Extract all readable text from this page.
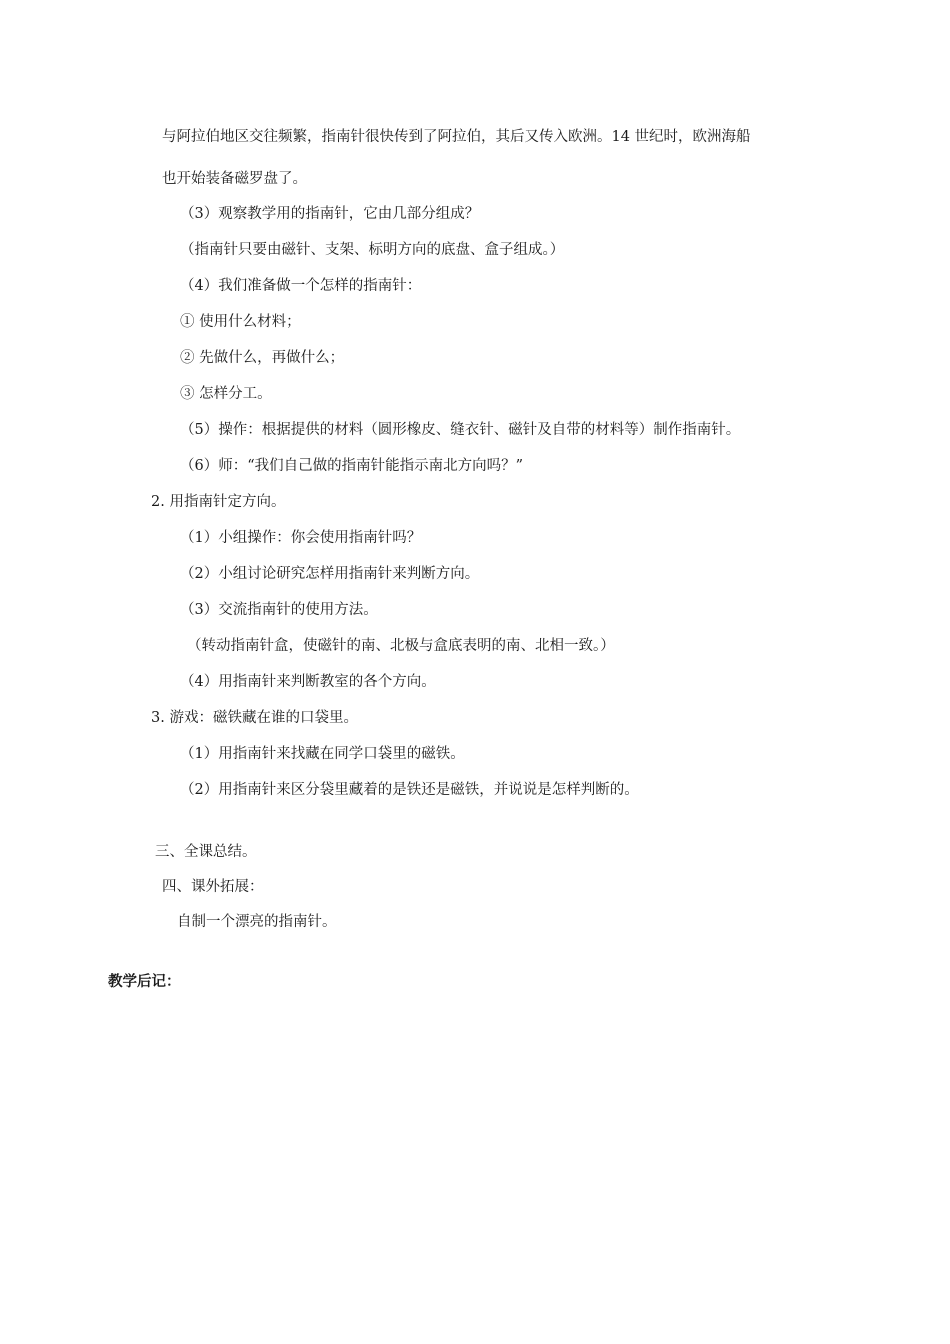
与阿拉伯地区交往频繁，指南针很快传到了阿拉伯，其后又传入欧洲。14 世纪时，欧洲海船
也开始装备磁罗盘了。
（3）观察教学用的指南针，它由几部分组成？
（指南针只要由磁针、支架、标明方向的底盘、盒子组成。）
（4）我们准备做一个怎样的指南针：
① 使用什么材料；
② 先做什么，再做什么；
③ 怎样分工。
（5）操作：根据提供的材料（圆形橡皮、缝衣针、磁针及自带的材料等）制作指南针。
（6）师：“我们自己做的指南针能指示南北方向吗？”
2. 用指南针定方向。
（1）小组操作：你会使用指南针吗？
（2）小组讨论研究怎样用指南针来判断方向。
（3）交流指南针的使用方法。
（转动指南针盒，使磁针的南、北极与盒底表明的南、北相一致。）
（4）用指南针来判断教室的各个方向。
3. 游戏：磁铁藏在谁的口袋里。
（1）用指南针来找藏在同学口袋里的磁铁。
（2）用指南针来区分袋里藏着的是铁还是磁铁，并说说是怎样判断的。
三、全课总结。
四、课外拓展：
自制一个漂亮的指南针。
教学后记：
